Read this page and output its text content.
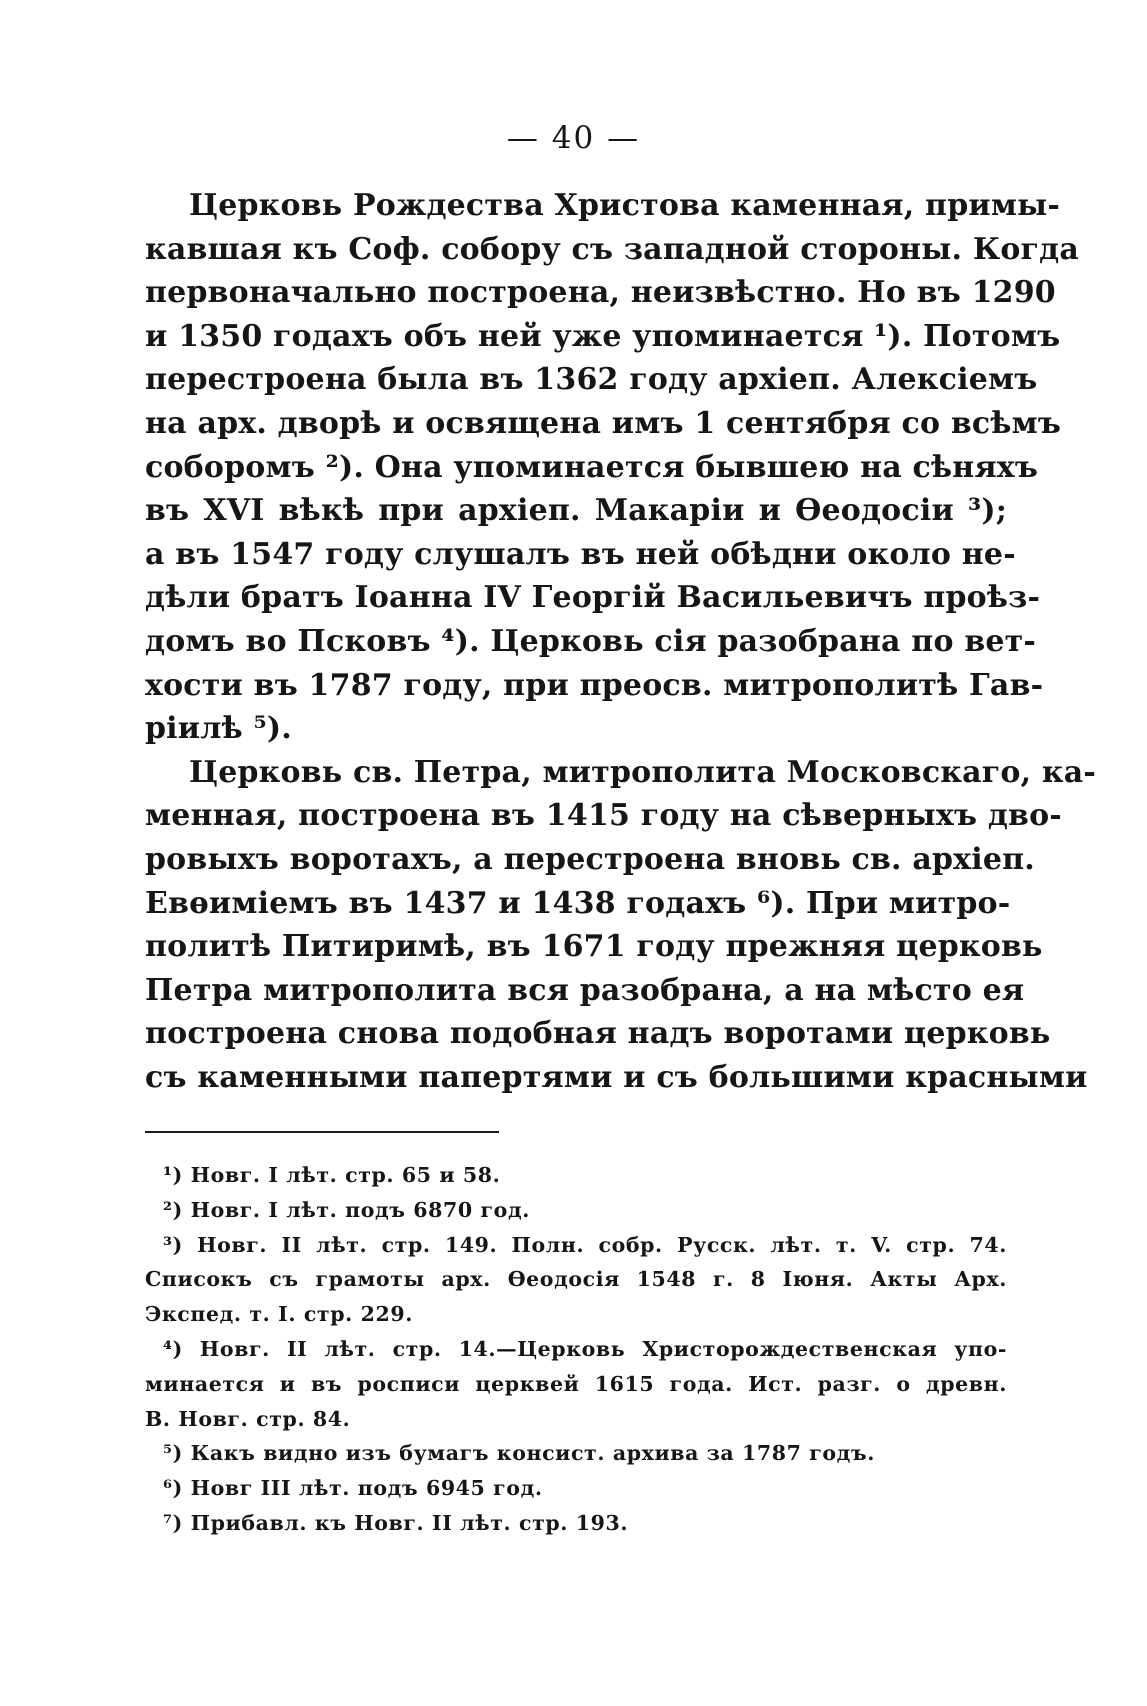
— 40 —

Церковь Рождества Христова каменная, примы-
кавшая къ Соф. собору съ западной стороны. Когда
первоначально построена, неизвѣстно. Но въ 1290
и 1350 годахъ объ ней уже упоминается ¹). Потомъ
перестроена была въ 1362 году архіеп. Алексіемъ
на арх. дворѣ и освящена имъ 1 сентября со всѣмъ
соборомъ ²). Она упоминается бывшею на сѣняхъ
въ XVI вѣкѣ при архіеп. Макаріи и Ѳеодосіи ³);
а въ 1547 году слушалъ въ ней обѣдни около не-
дѣли братъ Іоанна IV Георгій Васильевичъ проѣз-
домъ во Псковъ ⁴). Церковь сія разобрана по вет-
хости въ 1787 году, при преосв. митрополитѣ Гав-
ріилѣ ⁵).

Церковь св. Петра, митрополита Московскаго, ка-
менная, построена въ 1415 году на сѣверныхъ дво-
ровыхъ воротахъ, а перестроена вновь св. архіеп.
Евѳиміемъ въ 1437 и 1438 годахъ ⁶). При митро-
политѣ Питиримѣ, въ 1671 году прежняя церковь
Петра митрополита вся разобрана, а на мѣсто ея
построена снова подобная надъ воротами церковь
съ каменными папертями и съ большими красными

¹) Новг. I лѣт. стр. 65 и 58.
²) Новг. I лѣт. подъ 6870 год.
³) Новг. II лѣт. стр. 149. Полн. собр. Русск. лѣт. т. V. стр. 74.
Списокъ съ грамоты арх. Ѳеодосія 1548 г. 8 Іюня. Акты Арх.
Экспед. т. I. стр. 229.
⁴) Новг. II лѣт. стр. 14.—Церковь Христорождественская упо-
минается и въ росписи церквей 1615 года. Ист. разг. о древн.
В. Новг. стр. 84.
⁵) Какъ видно изъ бумагъ консист. архива за 1787 годъ.
⁶) Новг III лѣт. подъ 6945 год.
⁷) Прибавл. къ Новг. II лѣт. стр. 193.
